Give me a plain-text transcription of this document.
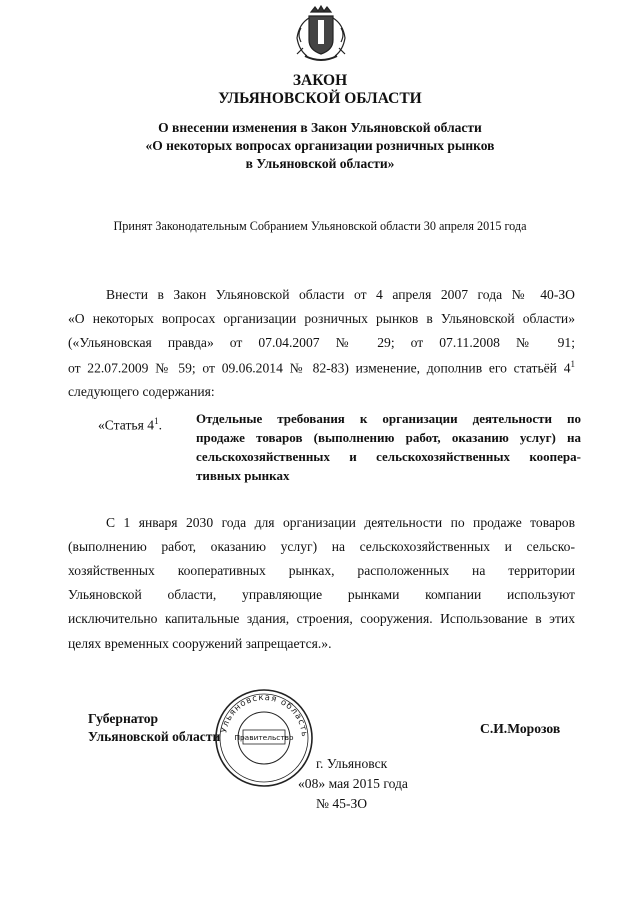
ЗАКОН
УЛЬЯНОВСКОЙ ОБЛАСТИ
О внесении изменения в Закон Ульяновской области
«О некоторых вопросах организации розничных рынков
в Ульяновской области»
Принят Законодательным Собранием Ульяновской области 30 апреля 2015 года
Внести в Закон Ульяновской области от 4 апреля 2007 года № 40-ЗО
«О некоторых вопросах организации розничных рынков в Ульяновской области»
(«Ульяновская правда» от 07.04.2007 № 29; от 07.11.2008 № 91;
от 22.07.2009 № 59; от 09.06.2014 № 82-83) изменение, дополнив его статьёй $4^1$
следующего содержания:
«Статья $4^1$.	Отдельные требования к организации деятельности по
продаже товаров (выполнению работ, оказанию услуг) на
сельскохозяйственных и сельскохозяйственных коопера-
тивных рынках
С 1 января 2030 года для организации деятельности по продаже товаров
(выполнению работ, оказанию услуг) на сельскохозяйственных и сельско-
хозяйственных кооперативных рынках, расположенных на территории
Ульяновской области, управляющие рынками компании используют
исключительно капитальные здания, строения, сооружения. Использование в этих
целях временных сооружений запрещается.».
Ульяновская область
Правительство
Губернатор
Ульяновской области
С.И.Морозов
г. Ульяновск
«08» мая 2015 года
№ 45-ЗО
